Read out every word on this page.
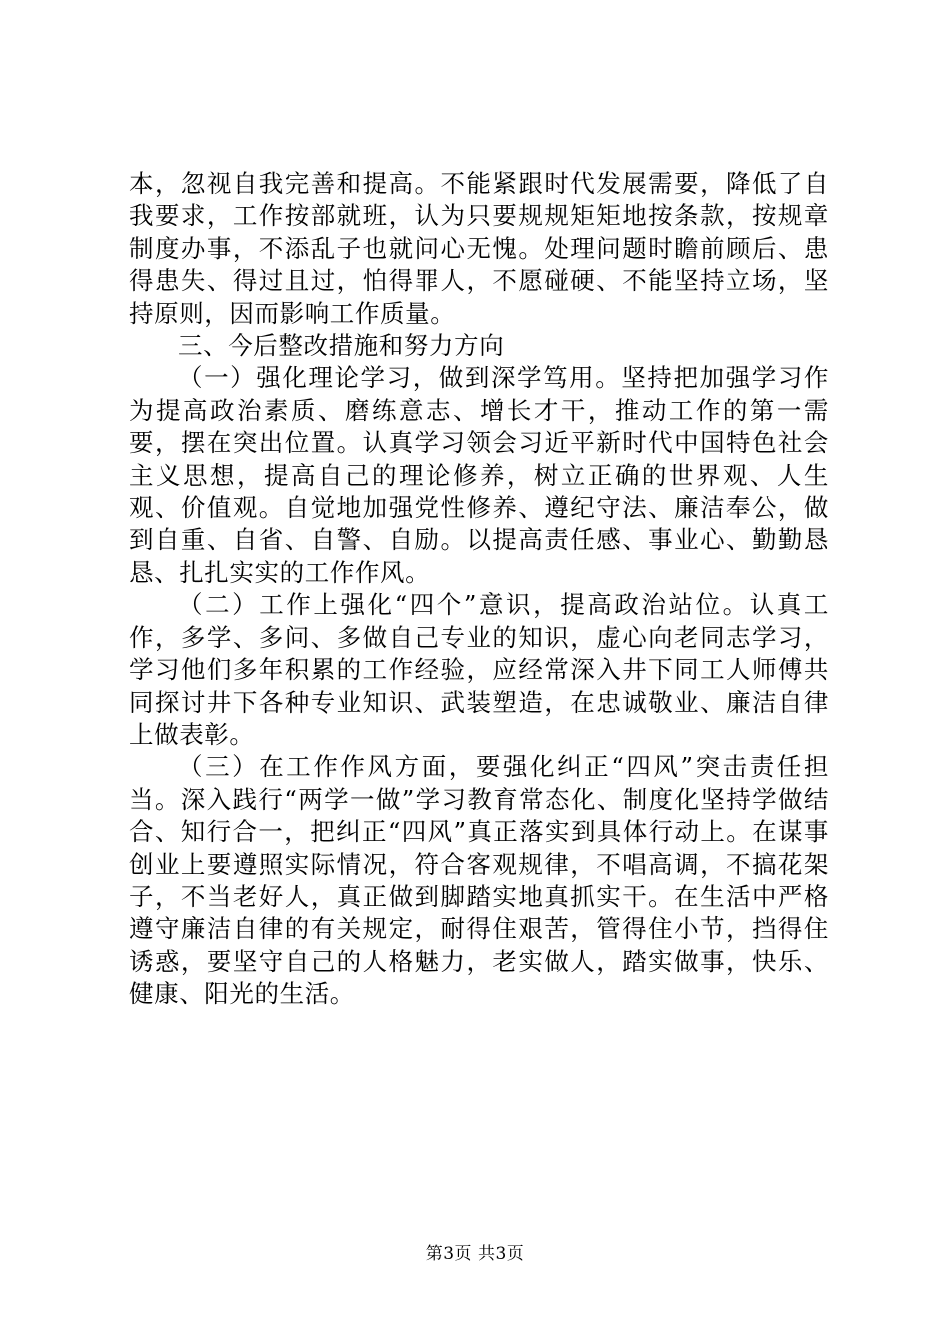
本，忽视自我完善和提高。不能紧跟时代发展需要，降低了自我要求，工作按部就班，认为只要规规矩矩地按条款，按规章制度办事，不添乱子也就问心无愧。处理问题时瞻前顾后、患得患失、得过且过，怕得罪人，不愿碰硬、不能坚持立场，坚持原则，因而影响工作质量。

三、今后整改措施和努力方向

（一）强化理论学习，做到深学笃用。坚持把加强学习作为提高政治素质、磨练意志、增长才干，推动工作的第一需要，摆在突出位置。认真学习领会习近平新时代中国特色社会主义思想，提高自己的理论修养，树立正确的世界观、人生观、价值观。自觉地加强党性修养、遵纪守法、廉洁奉公，做到自重、自省、自警、自励。以提高责任感、事业心、勤勤恳恳、扎扎实实的工作作风。

（二）工作上强化“四个”意识，提高政治站位。认真工作，多学、多问、多做自己专业的知识，虚心向老同志学习，学习他们多年积累的工作经验，应经常深入井下同工人师傅共同探讨井下各种专业知识、武装塑造，在忠诚敬业、廉洁自律上做表彰。

（三）在工作作风方面，要强化纠正“四风”突击责任担当。深入践行“两学一做”学习教育常态化、制度化坚持学做结合、知行合一，把纠正“四风”真正落实到具体行动上。在谋事创业上要遵照实际情况，符合客观规律，不唱高调，不搞花架子，不当老好人，真正做到脚踏实地真抓实干。在生活中严格遵守廉洁自律的有关规定，耐得住艰苦，管得住小节，挡得住诱惑，要坚守自己的人格魅力，老实做人，踏实做事，快乐、健康、阳光的生活。

第3页 共3页
